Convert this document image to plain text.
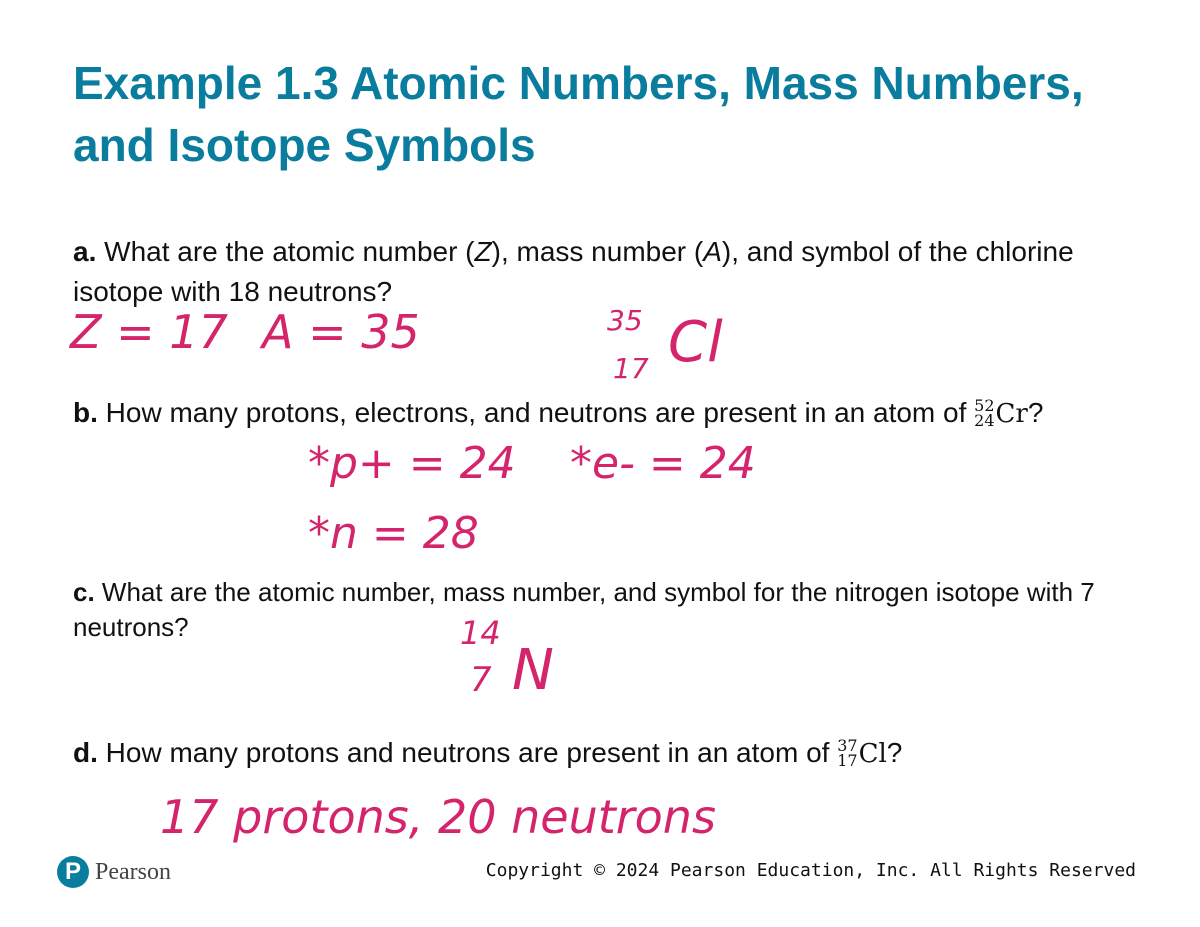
Example 1.3 Atomic Numbers, Mass Numbers, and Isotope Symbols

a. What are the atomic number (Z), mass number (A), and symbol of the chlorine isotope with 18 neutrons?

Z = 17 A = 35	35
17 Cl

b. How many protons, electrons, and neutrons are present in an atom of 52
24 Cr?

*p+ = 24 *e- = 24
*n = 28

c. What are the atomic number, mass number, and symbol for the nitrogen isotope with 7 neutrons?	14
7 N

d. How many protons and neutrons are present in an atom of 37
17 Cl?

17 protons, 20 neutrons
P Pearson	Copyright © 2024 Pearson Education, Inc. All Rights Reserved
